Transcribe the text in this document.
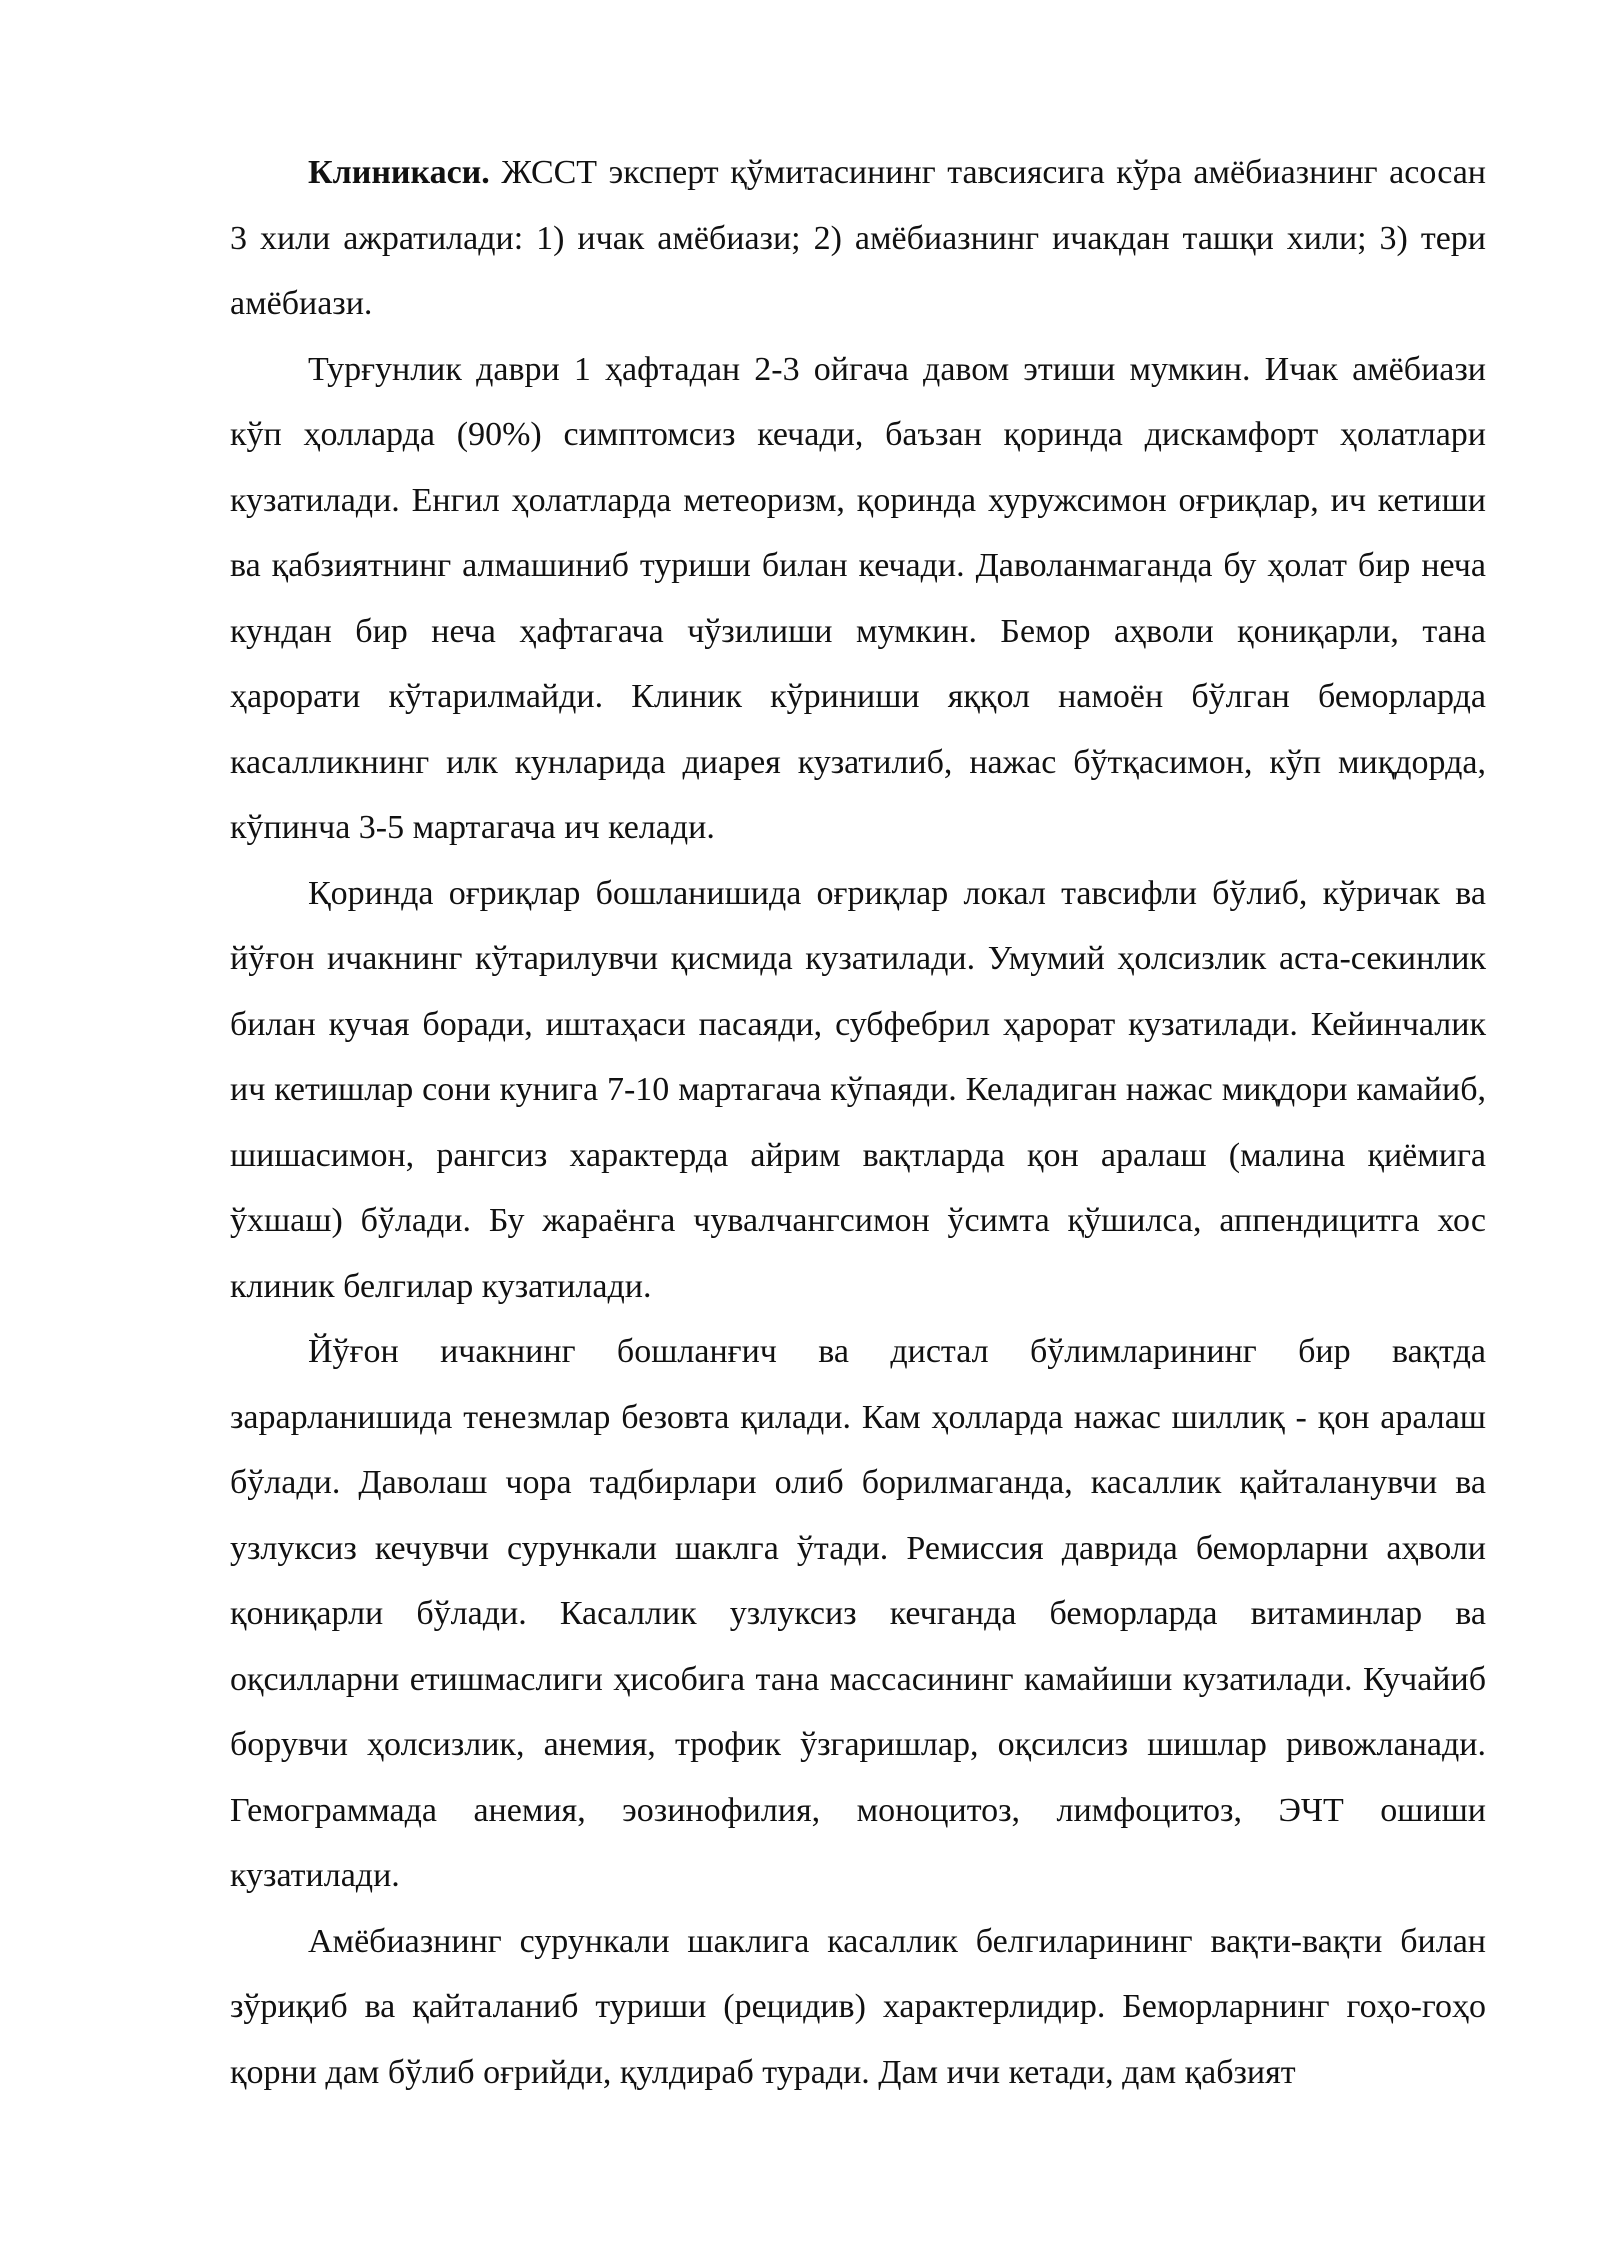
Клиникаси. ЖССТ эксперт қўмитасининг тавсиясига кўра амёбиазнинг асосан 3 хили ажратилади: 1) ичак амёбиази; 2) амёбиазнинг ичакдан ташқи хили; 3) тери амёбиази.

Турғунлик даври 1 ҳафтадан 2-3 ойгача давом этиши мумкин. Ичак амёбиази кўп ҳолларда (90%) симптомсиз кечади, баъзан қоринда дискамфорт ҳолатлари кузатилади. Енгил ҳолатларда метеоризм, қоринда хуружсимон оғриқлар, ич кетиши ва қабзиятнинг алмашиниб туриши билан кечади. Даволанмаганда бу ҳолат бир неча кундан бир неча ҳафтагача чўзилиши мумкин. Бемор аҳволи қониқарли, тана ҳарорати кўтарилмайди. Клиник кўриниши яққол намоён бўлган беморларда касалликнинг илк кунларида диарея кузатилиб, нажас бўтқасимон, кўп миқдорда, кўпинча 3-5 мартагача ич келади.

Қоринда оғриқлар бошланишида оғриқлар локал тавсифли бўлиб, кўричак ва йўғон ичакнинг кўтарилувчи қисмида кузатилади. Умумий ҳолсизлик аста-секинлик билан кучая боради, иштаҳаси пасаяди, субфебрил ҳарорат кузатилади. Кейинчалик ич кетишлар сони кунига 7-10 мартагача кўпаяди. Келадиган нажас миқдори камайиб, шишасимон, рангсиз характерда айрим вақтларда қон аралаш (малина қиёмига ўхшаш) бўлади. Бу жараёнга чувалчангсимон ўсимта қўшилса, аппендицитга хос клиник белгилар кузатилади.

Йўғон ичакнинг бошланғич ва дистал бўлимларининг бир вақтда зарарланишида тенезмлар безовта қилади. Кам ҳолларда нажас шиллиқ - қон аралаш бўлади. Даволаш чора тадбирлари олиб борилмаганда, касаллик қайталанувчи ва узлуксиз кечувчи сурункали шаклга ўтади. Ремиссия даврида беморларни аҳволи қониқарли бўлади. Касаллик узлуксиз кечганда беморларда витаминлар ва оқсилларни етишмаслиги ҳисобига тана массасининг камайиши кузатилади. Кучайиб борувчи ҳолсизлик, анемия, трофик ўзгаришлар, оқсилсиз шишлар ривожланади. Гемограммада анемия, эозинофилия, моноцитоз, лимфоцитоз, ЭЧТ ошиши кузатилади.

Амёбиазнинг сурункали шаклига касаллик белгиларининг вақти-вақти билан зўриқиб ва қайталаниб туриши (рецидив) характерлидир. Беморларнинг гоҳо-гоҳо қорни дам бўлиб оғрийди, қулдираб туради. Дам ичи кетади, дам қабзият
